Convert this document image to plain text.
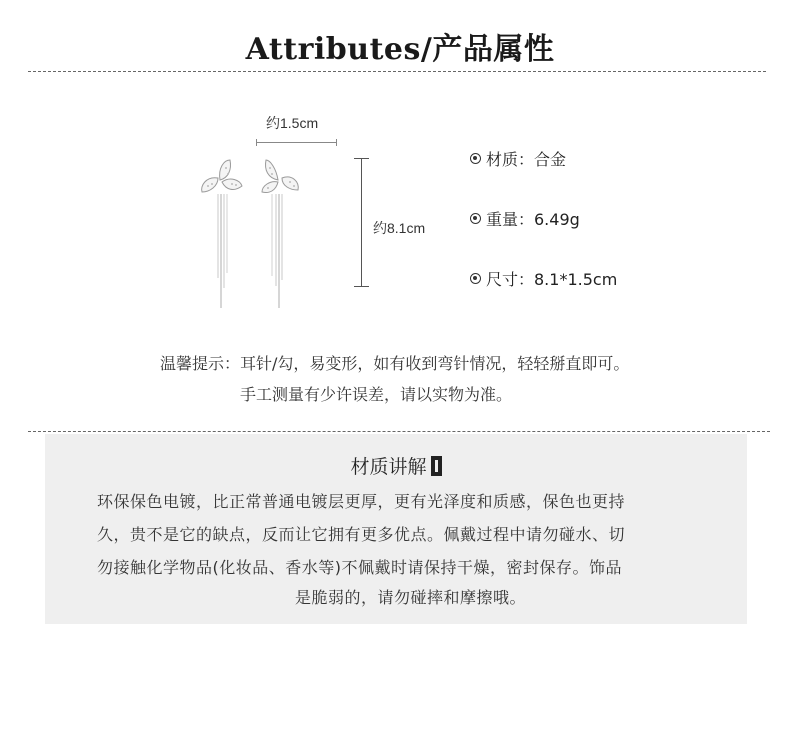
Attributes/产品属性
约1.5cm
约8.1cm
材质：合金
重量：6.49g
尺寸：8.1*1.5cm
温馨提示：耳针/勾，易变形，如有收到弯针情况，轻轻掰直即可。
手工测量有少许误差，请以实物为准。
材质讲解
环保保色电镀，比正常普通电镀层更厚，更有光泽度和质感，保色也更持
久，贵不是它的缺点，反而让它拥有更多优点。佩戴过程中请勿碰水、切
勿接触化学物品(化妆品、香水等)不佩戴时请保持干燥，密封保存。饰品
是脆弱的，请勿碰摔和摩擦哦。
